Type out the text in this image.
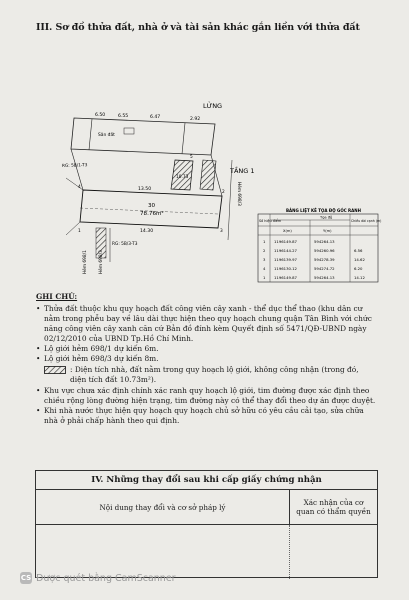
III. Sơ đồ thửa đất, nhà ở và tài sản khác gắn liền với thửa đất
LỬNG
TẦNG 1
30
78.76m²
6.50	6.55	6.47	2.92
14.30
13.50
Sân đất
RG: 5B/1-T3
RG: 5B/3-T3
Hẻm 698/1	Hẻm 698/3
Hẻm 698/3
10.73
1
2
3
4
5
BẢNG LIỆT KÊ TỌA ĐỘ GÓC RANH
Số hiệu điểm
Tọa độ
X(m)	Y(m)
Chiều dài cạnh (m)
1 1196149.87	594264.13
2 1196144.27	594260.96	6.56
3 1196139.97	594278.39	14.62
4 1196130.12	594274.72	6.20
1 1196149.87	594264.13	14.12
GHI CHÚ:
• Thửa đất thuộc khu quy hoạch đất công viên cây xanh - thể dục thể thao (khu dân cư nằm trong phễu bay về lâu dài thực hiện theo quy hoạch chung quận Tân Bình với chức năng công viên cây xanh căn cứ Bản đồ đính kèm Quyết định số 5471/QĐ-UBND ngày 02/12/2010 của UBND Tp.Hồ Chí Minh.
• Lộ giới hẻm 698/1 dự kiến 6m.
• Lộ giới hẻm 698/3 dự kiến 8m.
: Diện tích nhà, đất nằm trong quy hoạch lộ giới, không công nhận (trong đó, diện tích đất 10.73m²).
• Khu vực chưa xác định chính xác ranh quy hoạch lộ giới, tim đường được xác định theo chiều rộng lòng đường hiện trạng, tim đường này có thể thay đổi theo dự án được duyệt.
• Khi nhà nước thực hiện quy hoạch quy hoạch chủ sở hữu có yêu cầu cải tạo, sửa chữa nhà ở phải chấp hành theo qui định.
IV. Những thay đổi sau khi cấp giấy chứng nhận
Nội dung thay đổi và cơ sở pháp lý	Xác nhận của cơ quan có thẩm quyền
CS Được quét bằng CamScanner
